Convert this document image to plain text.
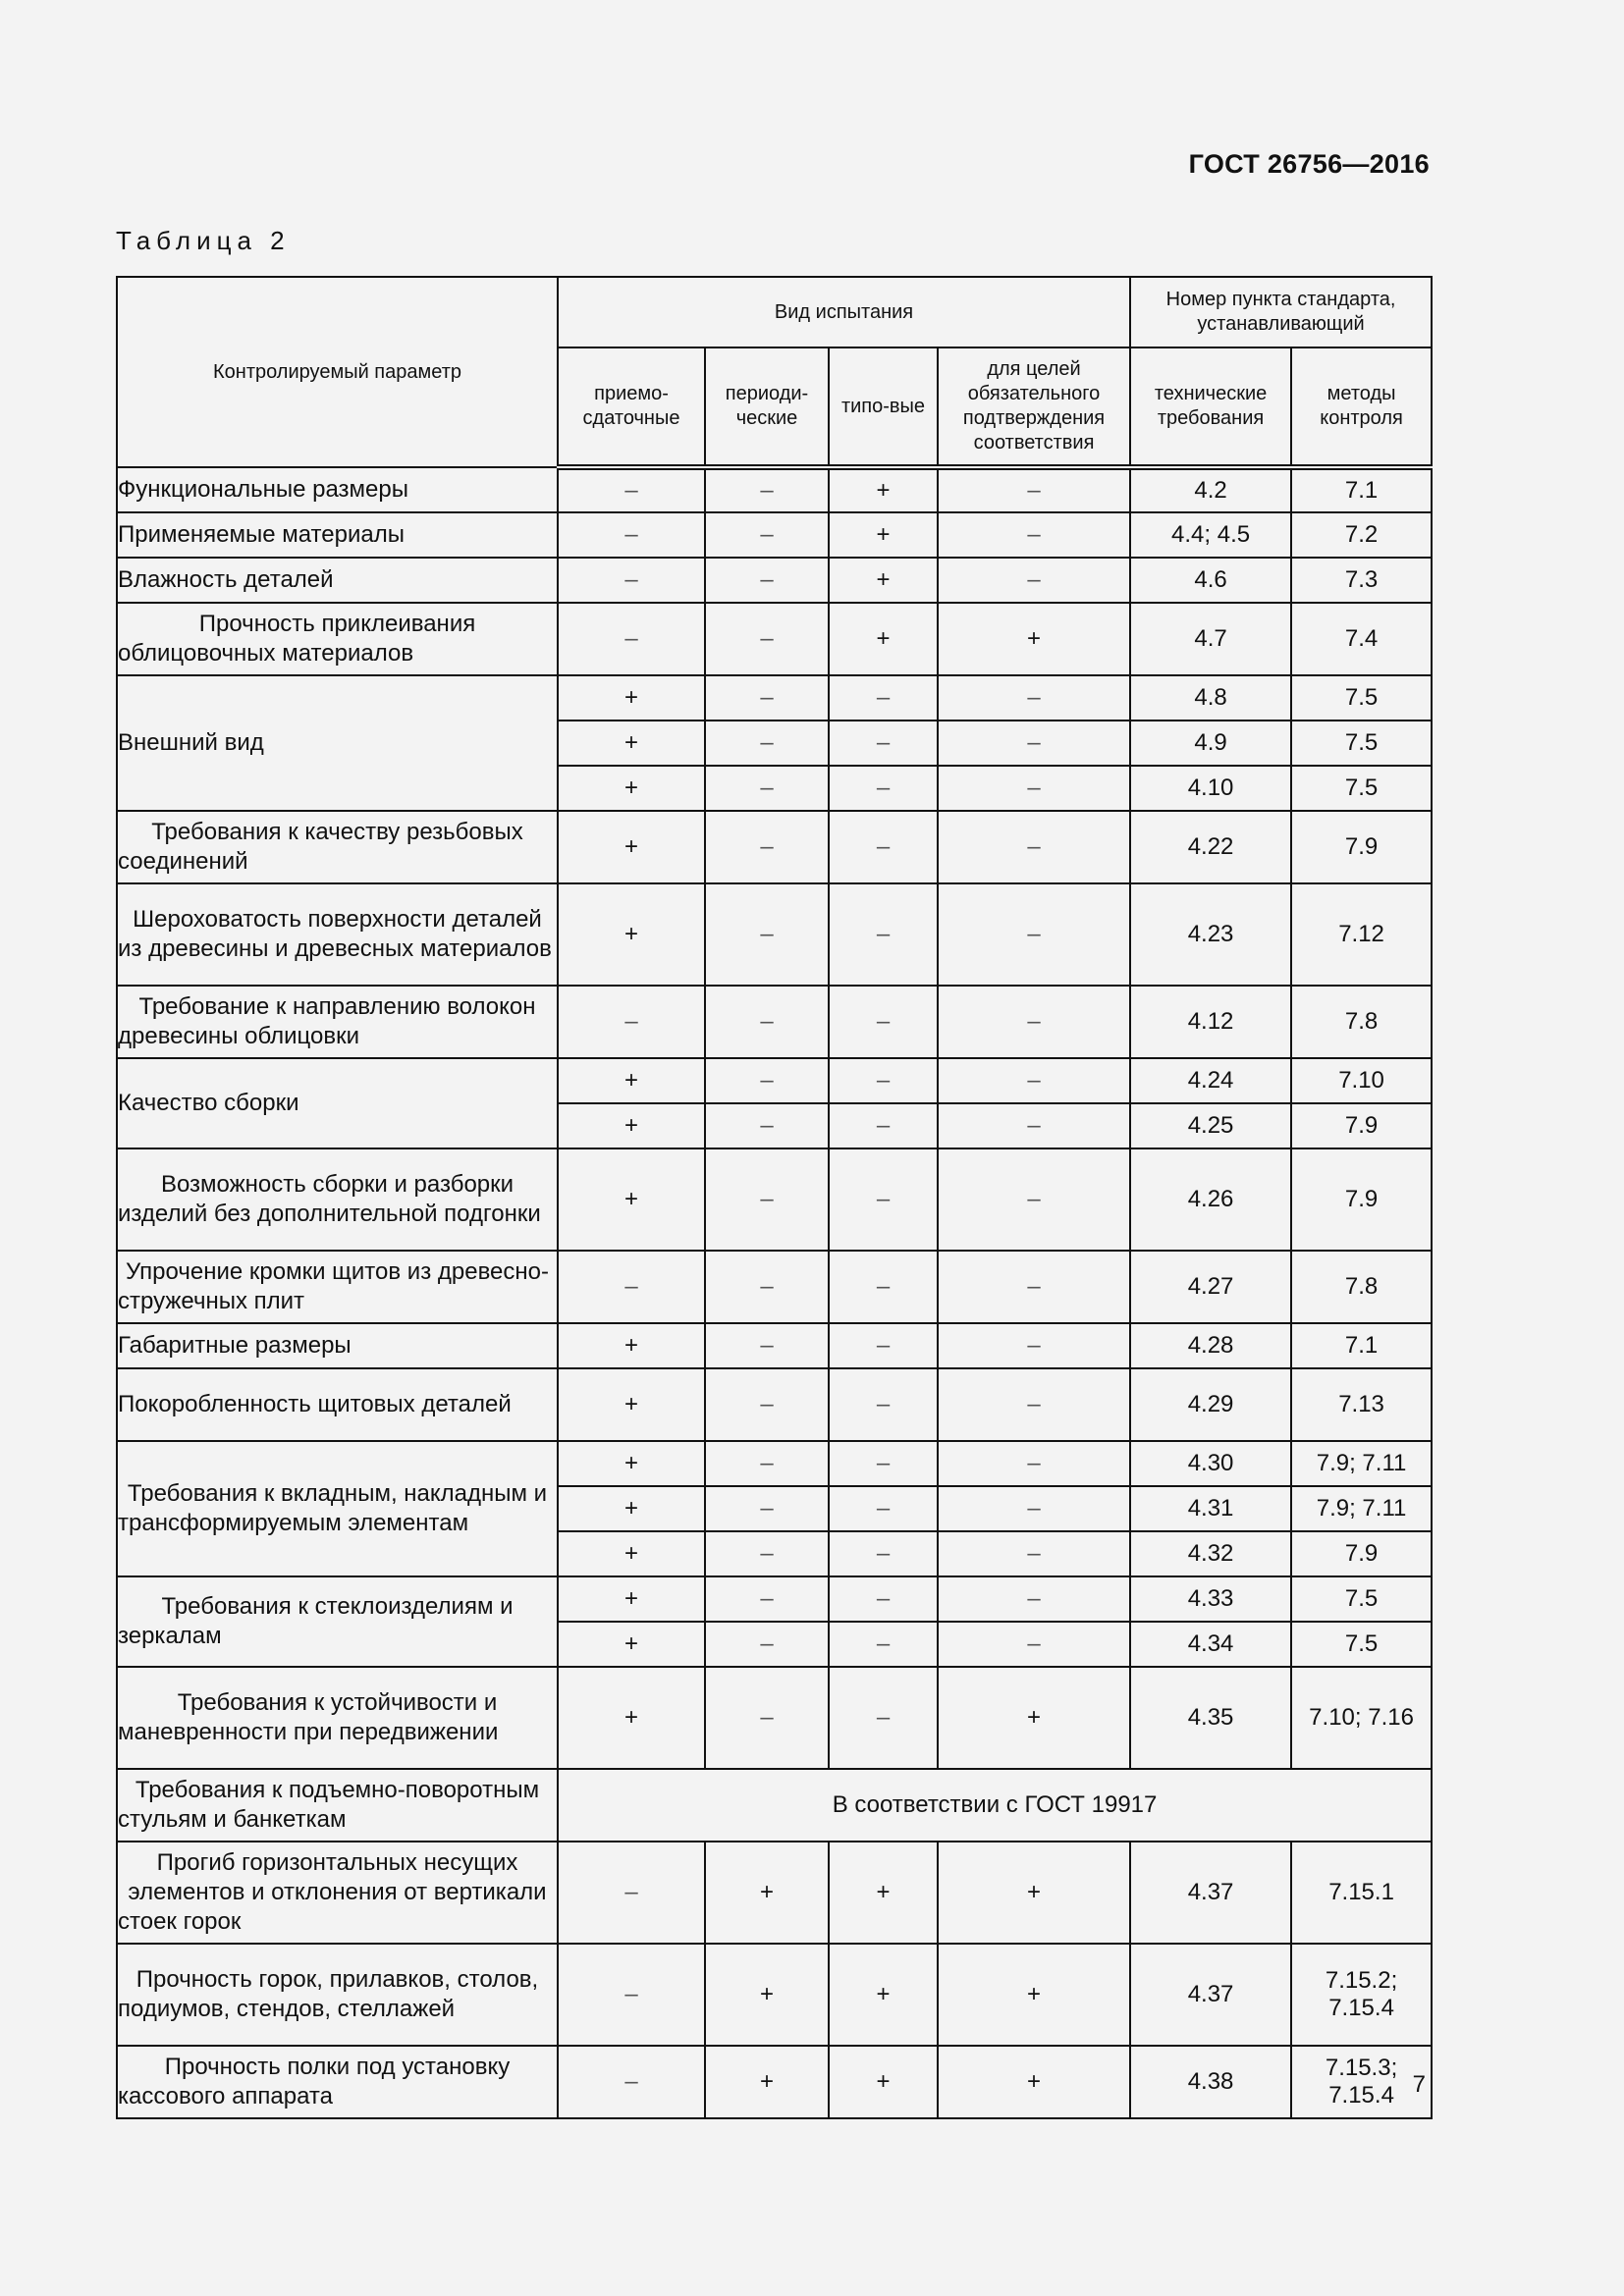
ГОСТ 26756—2016
Таблица 2
Контролируемый параметр	Вид испытания				Номер пункта стандарта, устанавливающий	
	приемо-сдаточные	периоди-ческие	типо-вые	для целей обязательного подтверждения соответствия	технические требования	методы контроля
Функциональные размеры	–	–	+	–	4.2	7.1
Применяемые материалы	–	–	+	–	4.4; 4.5	7.2
Влажность деталей	–	–	+	–	4.6	7.3
Прочность приклеивания облицовочных материалов	–	–	+	+	4.7	7.4
Внешний вид	+	–	–	–	4.8	7.5
	+	–	–	–	4.9	7.5
	+	–	–	–	4.10	7.5
Требования к качеству резьбовых соединений	+	–	–	–	4.22	7.9
Шероховатость поверхности деталей из древесины и древесных материалов	+	–	–	–	4.23	7.12
Требование к направлению волокон древесины облицовки	–	–	–	–	4.12	7.8
Качество сборки	+	–	–	–	4.24	7.10
	+	–	–	–	4.25	7.9
Возможность сборки и разборки изделий без дополнительной подгонки	+	–	–	–	4.26	7.9
Упрочение кромки щитов из древесно-стружечных плит	–	–	–	–	4.27	7.8
Габаритные размеры	+	–	–	–	4.28	7.1
Покоробленность щитовых деталей	+	–	–	–	4.29	7.13
Требования к вкладным, накладным и трансформируемым элементам	+	–	–	–	4.30	7.9; 7.11
	+	–	–	–	4.31	7.9; 7.11
	+	–	–	–	4.32	7.9
Требования к стеклоизделиям и зеркалам	+	–	–	–	4.33	7.5
	+	–	–	–	4.34	7.5
Требования к устойчивости и маневренности при передвижении	+	–	–	+	4.35	7.10; 7.16
Требования к подъемно-поворотным стульям и банкеткам	В соответствии с ГОСТ 19917					
Прогиб горизонтальных несущих элементов и отклонения от вертикали стоек горок	–	+	+	+	4.37	7.15.1
Прочность горок, прилавков, столов, подиумов, стендов, стеллажей	–	+	+	+	4.37	7.15.2; 7.15.4
Прочность полки под установку кассового аппарата	–	+	+	+	4.38	7.15.3; 7.15.4 7
